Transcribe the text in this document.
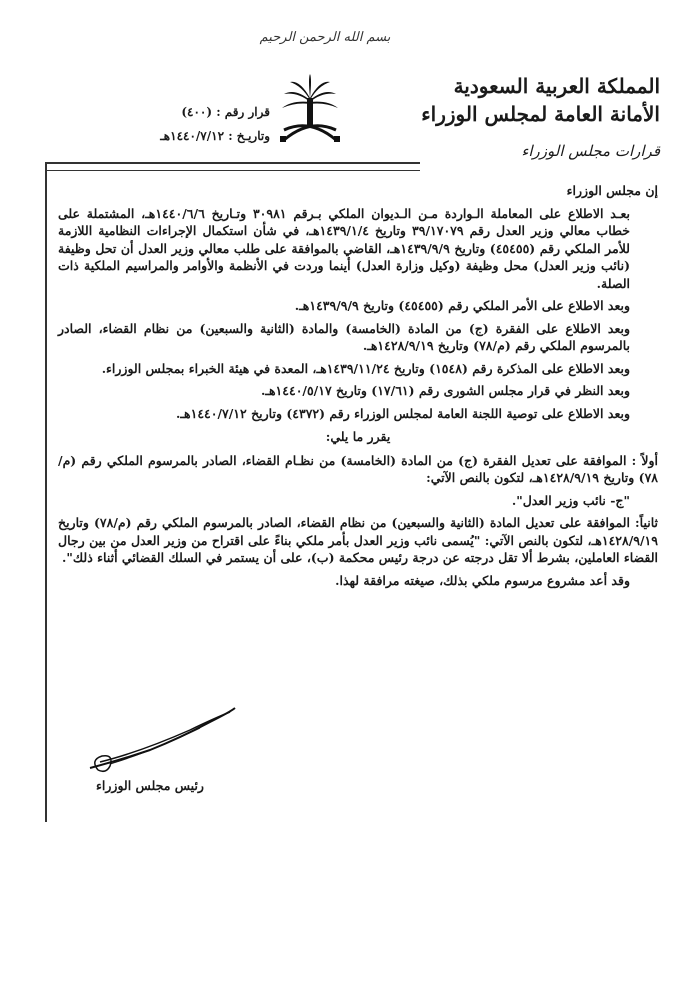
بسم الله الرحمن الرحيم
المملكة العربية السعودية
الأمانة العامة لمجلس الوزراء
قرارات مجلس الوزراء
قرار رقم : (٤٠٠)
وتاريـخ : ١٤٤٠/٧/١٢هـ

إن مجلس الوزراء

بعـد الاطلاع على المعاملة الـواردة مـن الـديوان الملكي بـرقم ٣٠٩٨١ وتـاريخ ١٤٤٠/٦/٦هـ، المشتملة على خطاب معالي وزير العدل رقم ٣٩/١٧٠٧٩ وتاريخ ١٤٣٩/١/٤هـ، في شأن استكمال الإجراءات النظامية اللازمة للأمر الملكي رقم (٤٥٤٥٥) وتاريخ ١٤٣٩/٩/٩هـ، القاضي بالموافقة على طلب معالي وزير العدل أن تحل وظيفة (نائب وزير العدل) محل وظيفة (وكيل وزارة العدل) أينما وردت في الأنظمة والأوامر والمراسيم الملكية ذات الصلة.

وبعد الاطلاع على الأمر الملكي رقم (٤٥٤٥٥) وتاريخ ١٤٣٩/٩/٩هـ.

وبعد الاطلاع على الفقرة (ج) من المادة (الخامسة) والمادة (الثانية والسبعين) من نظام القضاء، الصادر بالمرسوم الملكي رقم (م/٧٨) وتاريخ ١٤٢٨/٩/١٩هـ.

وبعد الاطلاع على المذكرة رقم (١٥٤٨) وتاريخ ١٤٣٩/١١/٢٤هـ، المعدة في هيئة الخبراء بمجلس الوزراء.

وبعد النظر في قرار مجلس الشورى رقم (١٧/٦١) وتاريخ ١٤٤٠/٥/١٧هـ.

وبعد الاطلاع على توصية اللجنة العامة لمجلس الوزراء رقم (٤٣٧٢) وتاريخ ١٤٤٠/٧/١٢هـ.

يقرر ما يلي:

أولاً : الموافقة على تعديل الفقرة (ج) من المادة (الخامسة) من نظـام القضاء، الصادر بالمرسوم الملكي رقم (م/٧٨) وتاريخ ١٤٢٨/٩/١٩هـ، لتكون بالنص الآتي:

"ج- نائب وزير العدل".

ثانياً: الموافقة على تعديل المادة (الثانية والسبعين) من نظام القضاء، الصادر بالمرسوم الملكي رقم (م/٧٨) وتاريخ ١٤٢٨/٩/١٩هـ، لتكون بالنص الآتي: "يُسمى نائب وزير العدل بأمر ملكي بناءً على اقتراح من وزير العدل من بين رجال القضاء العاملين، بشرط ألا تقل درجته عن درجة رئيس محكمة (ب)، على أن يستمر في السلك القضائي أثناء ذلك".

وقد أعد مشروع مرسوم ملكي بذلك، صيغته مرافقة لهذا.

رئيس مجلس الوزراء
